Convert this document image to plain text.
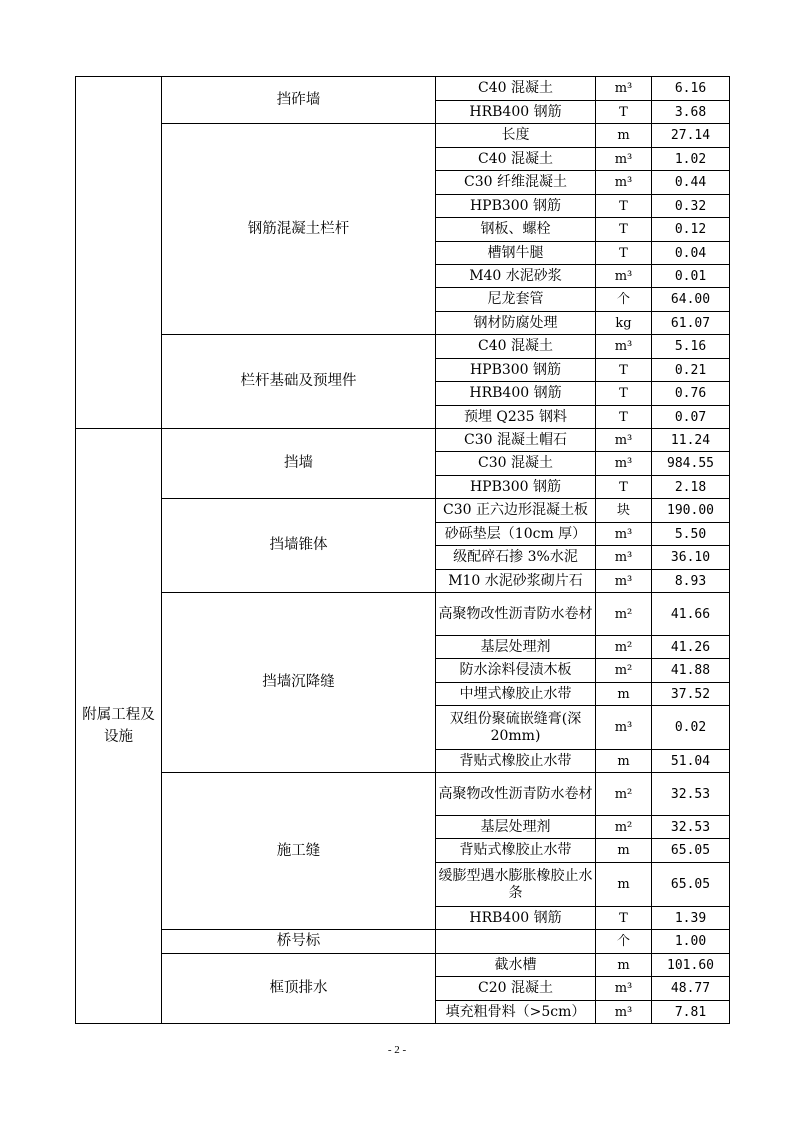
	挡砟墙	C40 混凝土	m³	6.16
		HRB400 钢筋	T	3.68
	钢筋混凝土栏杆	长度	m	27.14
		C40 混凝土	m³	1.02
		C30 纤维混凝土	m³	0.44
		HPB300 钢筋	T	0.32
		钢板、螺栓	T	0.12
		槽钢牛腿	T	0.04
		M40 水泥砂浆	m³	0.01
		尼龙套管	个	64.00
		钢材防腐处理	kg	61.07
	栏杆基础及预埋件	C40 混凝土	m³	5.16
		HPB300 钢筋	T	0.21
		HRB400 钢筋	T	0.76
		预埋 Q235 钢料	T	0.07
附属工程及设施	挡墙	C30 混凝土帽石	m³	11.24
		C30 混凝土	m³	984.55
		HPB300 钢筋	T	2.18
	挡墙锥体	C30 正六边形混凝土板	块	190.00
		砂砾垫层（10cm 厚）	m³	5.50
		级配碎石掺 3%水泥	m³	36.10
		M10 水泥砂浆砌片石	m³	8.93
	挡墙沉降缝	高聚物改性沥青防水卷材	m²	41.66
		基层处理剂	m²	41.26
		防水涂料侵渍木板	m²	41.88
		中埋式橡胶止水带	m	37.52
		双组份聚硫嵌缝膏(深 20mm)	m³	0.02
		背贴式橡胶止水带	m	51.04
	施工缝	高聚物改性沥青防水卷材	m²	32.53
		基层处理剂	m²	32.53
		背贴式橡胶止水带	m	65.05
		缓膨型遇水膨胀橡胶止水条	m	65.05
		HRB400 钢筋	T	1.39
	桥号标		个	1.00
	框顶排水	截水槽	m	101.60
		C20 混凝土	m³	48.77
		填充粗骨料（>5cm）	m³	7.81
- 2 -
